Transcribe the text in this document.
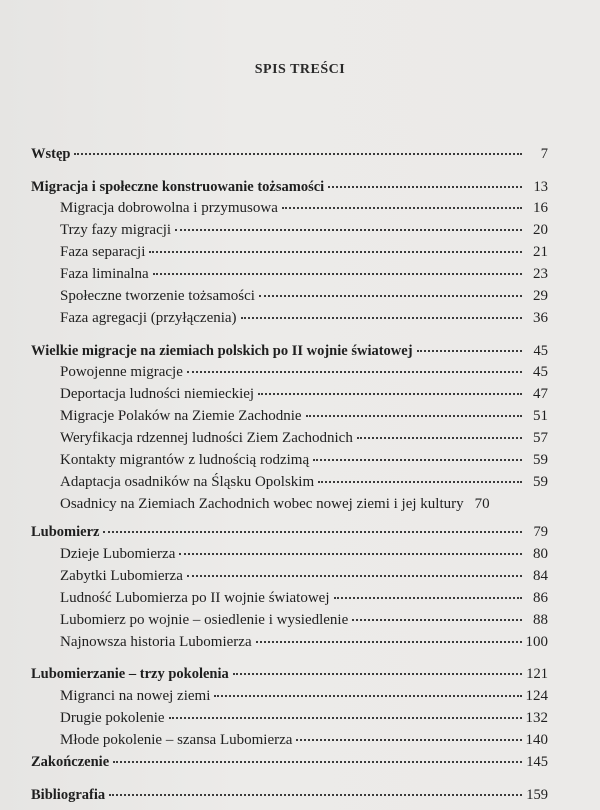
SPIS TREŚCI
Wstęp	7
Migracja i społeczne konstruowanie tożsamości	13
Migracja dobrowolna i przymusowa	16
Trzy fazy migracji	20
Faza separacji	21
Faza liminalna	23
Społeczne tworzenie tożsamości	29
Faza agregacji (przyłączenia)	36
Wielkie migracje na ziemiach polskich po II wojnie światowej	45
Powojenne migracje	45
Deportacja ludności niemieckiej	47
Migracje Polaków na Ziemie Zachodnie	51
Weryfikacja rdzennej ludności Ziem Zachodnich	57
Kontakty migrantów z ludnością rodzimą	59
Adaptacja osadników na Śląsku Opolskim	59
Osadnicy na Ziemiach Zachodnich wobec nowej ziemi i jej kultury 70
Lubomierz	79
Dzieje Lubomierza	80
Zabytki Lubomierza	84
Ludność Lubomierza po II wojnie światowej	86
Lubomierz po wojnie – osiedlenie i wysiedlenie	88
Najnowsza historia Lubomierza	100
Lubomierzanie – trzy pokolenia	121
Migranci na nowej ziemi	124
Drugie pokolenie	132
Młode pokolenie – szansa Lubomierza	140
Zakończenie	145
Bibliografia	159
